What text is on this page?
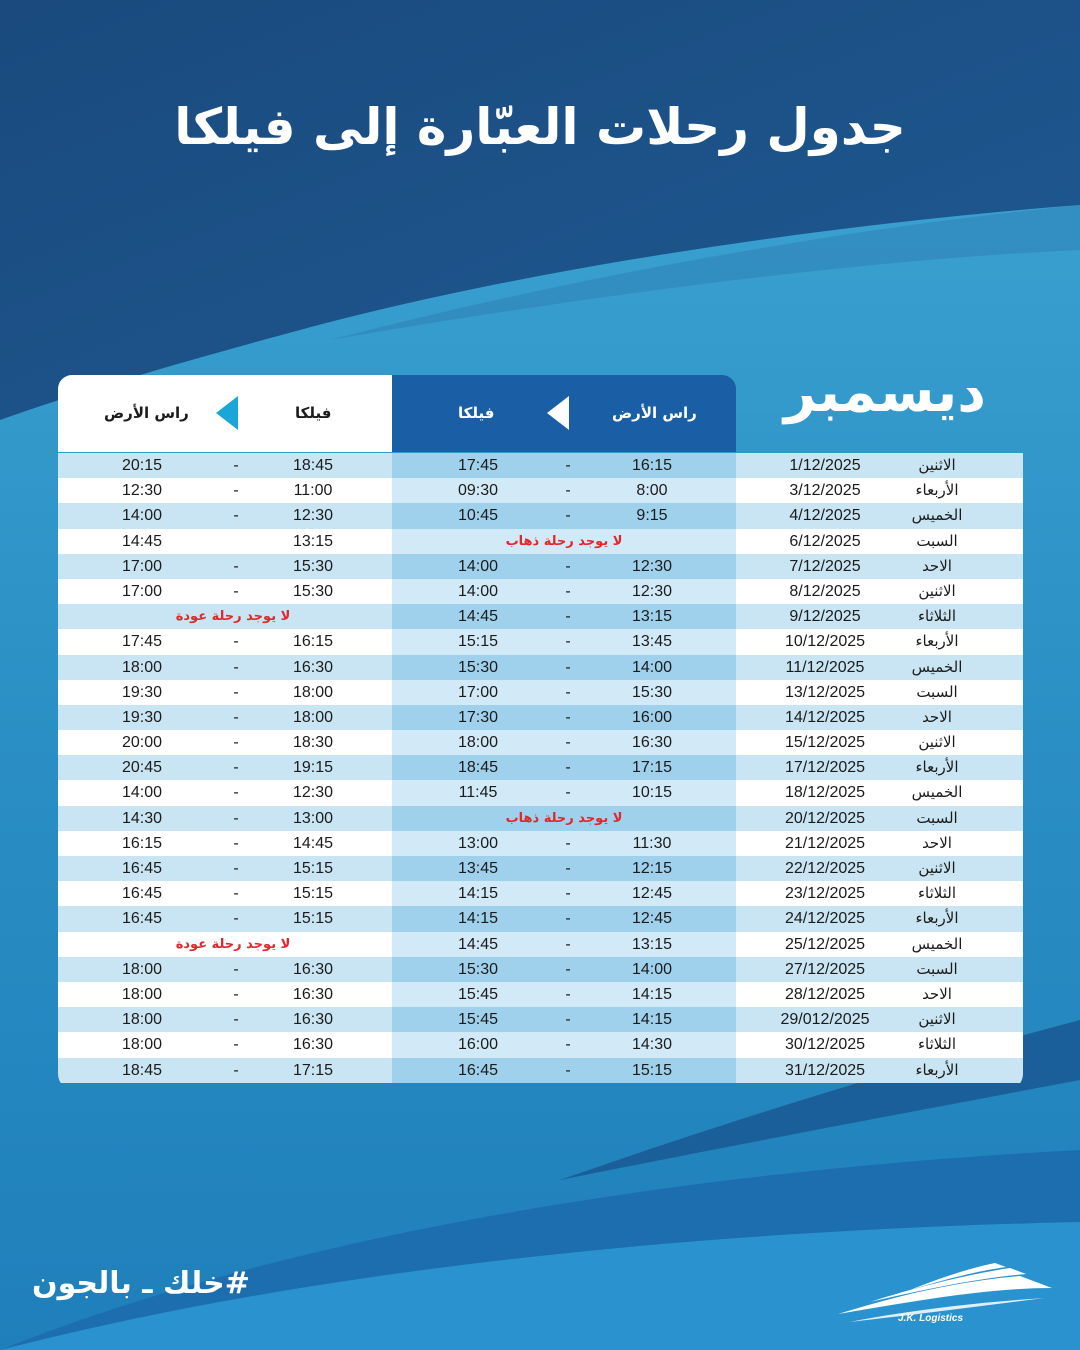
جدول رحلات العبّارة إلى فيلكا
ديسمبر
راس الأرض
فيلكا
فيلكا
راس الأرض
الاثنين
1/12/2025
16:15
-
17:45
18:45
-
20:15
الأربعاء
3/12/2025
8:00
-
09:30
11:00
-
12:30
الخميس
4/12/2025
9:15
-
10:45
12:30
-
14:00
السبت
6/12/2025
لا يوجد رحلة ذهاب
13:15
14:45
الاحد
7/12/2025
12:30
-
14:00
15:30
-
17:00
الاثنين
8/12/2025
12:30
-
14:00
15:30
-
17:00
الثلاثاء
9/12/2025
13:15
-
14:45
لا يوجد رحلة عودة
الأربعاء
10/12/2025
13:45
-
15:15
16:15
-
17:45
الخميس
11/12/2025
14:00
-
15:30
16:30
-
18:00
السبت
13/12/2025
15:30
-
17:00
18:00
-
19:30
الاحد
14/12/2025
16:00
-
17:30
18:00
-
19:30
الاثنين
15/12/2025
16:30
-
18:00
18:30
-
20:00
الأربعاء
17/12/2025
17:15
-
18:45
19:15
-
20:45
الخميس
18/12/2025
10:15
-
11:45
12:30
-
14:00
السبت
20/12/2025
لا يوجد رحلة ذهاب
13:00
-
14:30
الاحد
21/12/2025
11:30
-
13:00
14:45
-
16:15
الاثنين
22/12/2025
12:15
-
13:45
15:15
-
16:45
الثلاثاء
23/12/2025
12:45
-
14:15
15:15
-
16:45
الأربعاء
24/12/2025
12:45
-
14:15
15:15
-
16:45
الخميس
25/12/2025
13:15
-
14:45
لا يوجد رحلة عودة
السبت
27/12/2025
14:00
-
15:30
16:30
-
18:00
الاحد
28/12/2025
14:15
-
15:45
16:30
-
18:00
الاثنين
29/012/2025
14:15
-
15:45
16:30
-
18:00
الثلاثاء
30/12/2025
14:30
-
16:00
16:30
-
18:00
الأربعاء
31/12/2025
15:15
-
16:45
17:15
-
18:45
#خلك ـ بالجون
J.K. Logistics
